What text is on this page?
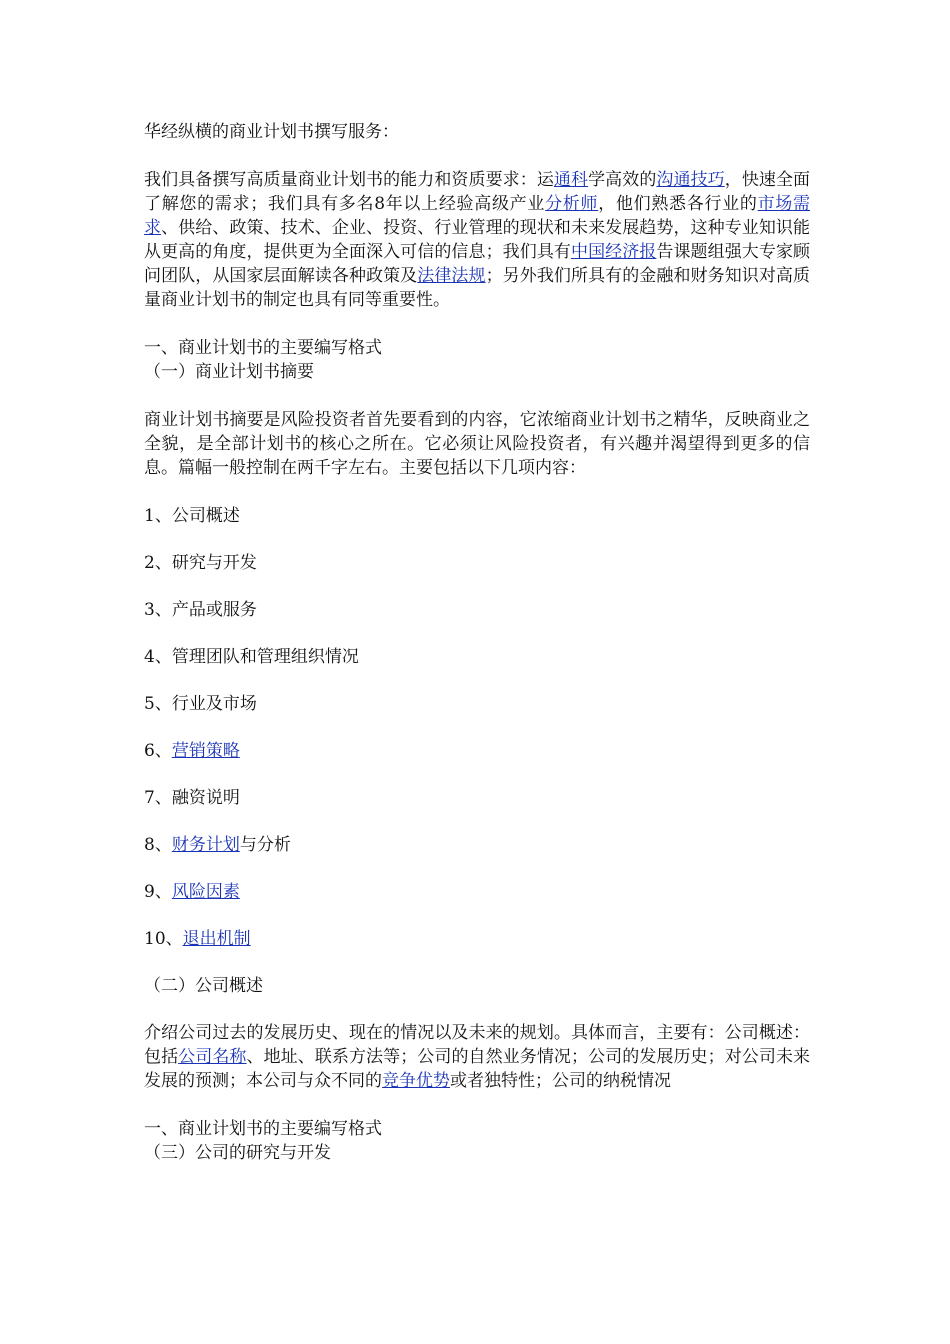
华经纵横的商业计划书撰写服务：

我们具备撰写高质量商业计划书的能力和资质要求：运通科学高效的沟通技巧，快速全面了解您的需求；我们具有多名8年以上经验高级产业分析师，他们熟悉各行业的市场需求、供给、政策、技术、企业、投资、行业管理的现状和未来发展趋势，这种专业知识能从更高的角度，提供更为全面深入可信的信息；我们具有中国经济报告课题组强大专家顾问团队，从国家层面解读各种政策及法律法规；另外我们所具有的金融和财务知识对高质量商业计划书的制定也具有同等重要性。

一、商业计划书的主要编写格式
（一）商业计划书摘要

商业计划书摘要是风险投资者首先要看到的内容，它浓缩商业计划书之精华，反映商业之全貌，是全部计划书的核心之所在。它必须让风险投资者，有兴趣并渴望得到更多的信息。篇幅一般控制在两千字左右。主要包括以下几项内容：

1、公司概述
2、研究与开发
3、产品或服务
4、管理团队和管理组织情况
5、行业及市场
6、营销策略
7、融资说明
8、财务计划与分析
9、风险因素
10、退出机制
（二）公司概述

介绍公司过去的发展历史、现在的情况以及未来的规划。具体而言，主要有：公司概述：包括公司名称、地址、联系方法等；公司的自然业务情况；公司的发展历史；对公司未来发展的预测；本公司与众不同的竞争优势或者独特性；公司的纳税情况

一、商业计划书的主要编写格式
（三）公司的研究与开发
